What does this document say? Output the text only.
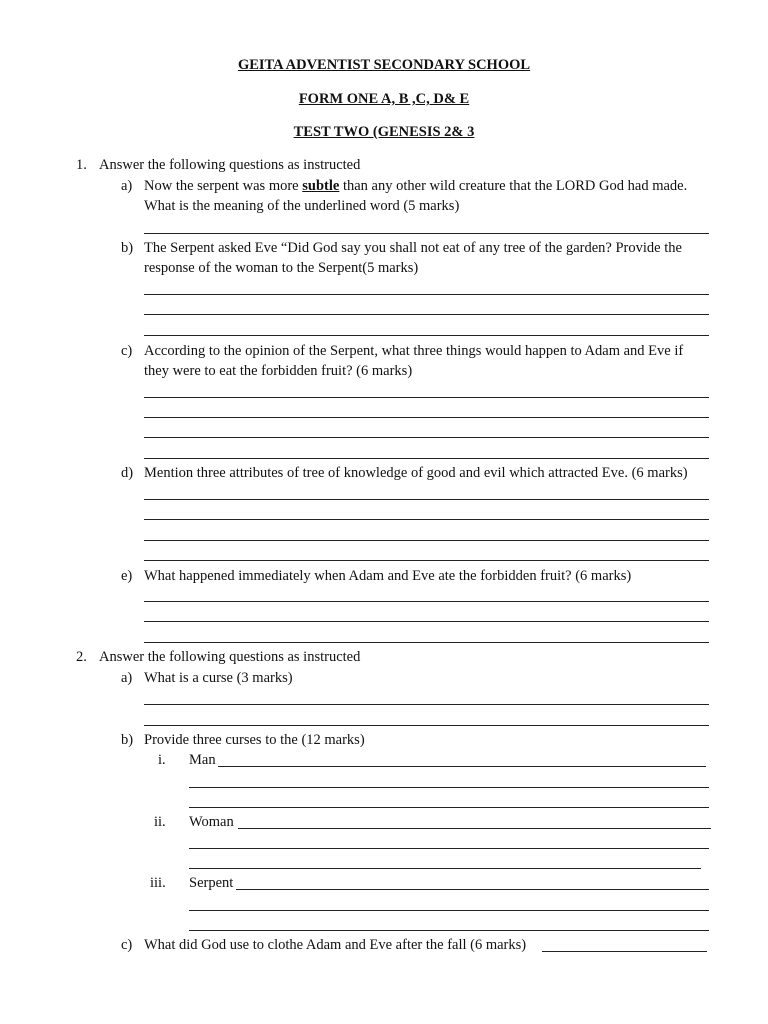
GEITA ADVENTIST SECONDARY SCHOOL
FORM ONE A, B ,C, D& E
TEST TWO (GENESIS 2& 3
1. Answer the following questions as instructed
a) Now the serpent was more subtle than any other wild creature that the LORD God had made.
What is the meaning of the underlined word (5 marks)
b) The Serpent asked Eve “Did God say you shall not eat of any tree of the garden? Provide the
response of the woman to the Serpent(5 marks)
c) According to the opinion of the Serpent, what three things would happen to Adam and Eve if
they were to eat the forbidden fruit? (6 marks)
d) Mention three attributes of tree of knowledge of good and evil which attracted Eve. (6 marks)
e) What happened immediately when Adam and Eve ate the forbidden fruit? (6 marks)
2. Answer the following questions as instructed
a) What is a curse (3 marks)
b) Provide three curses to the (12 marks)
i. Man
ii. Woman
iii. Serpent
c) What did God use to clothe Adam and Eve after the fall (6 marks)
